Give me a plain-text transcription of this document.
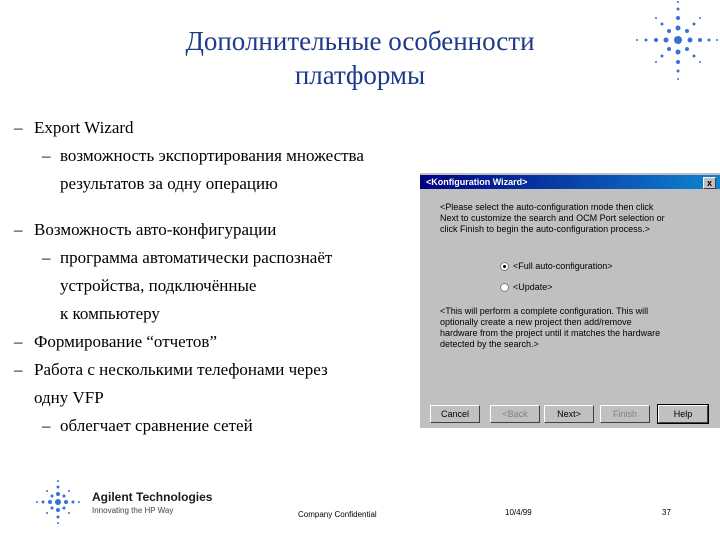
Дополнительные особенности
платформы
– Export Wizard
– возможность экспортирования множества
результатов за одну операцию
– Возможность авто-конфигурации
– программа автоматически распознаёт
устройства, подключённые
к компьютеру
– Формирование “отчетов”
– Работа с несколькими телефонами через
одну VFP
– облегчает сравнение сетей
<Konfiguration Wizard>	x
<Please select the auto-configuration mode then click
Next to customize the search and OCM Port selection or
click Finish to begin the auto-configuration process.>
<Full auto-configuration>
<Update>
<This will perform a complete configuration. This will
optionally create a new project then add/remove
hardware from the project until it matches the hardware
detected by the search.>
Cancel	<Back	Next>	Finish	Help
Agilent Technologies
Innovating the HP Way	Company Confidential	10/4/99	37
